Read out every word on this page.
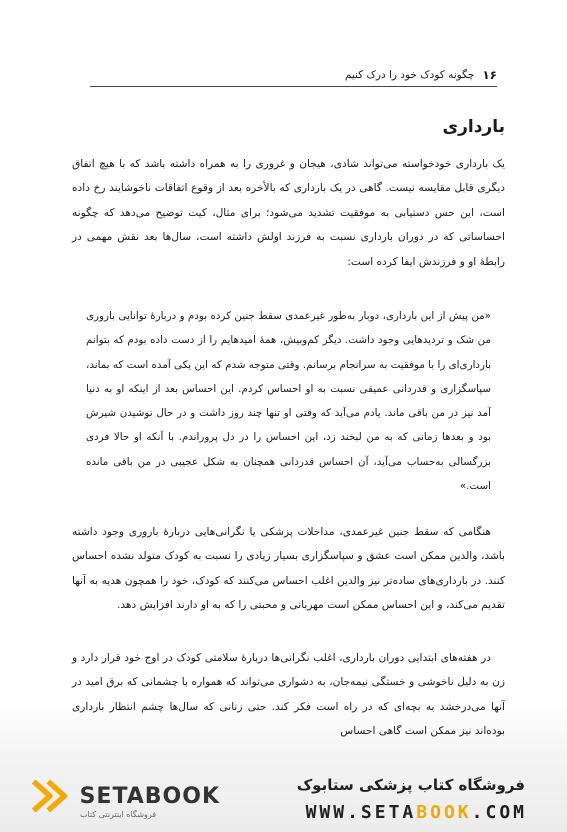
۱۶
چگونه کودک خود را درک کنیم
بارداری

یک بارداری خودخواسته می‌تواند شادی، هیجان و غروری را به همراه داشته باشد که با هیچ اتفاق دیگری قابل مقایسه نیست. گاهی در یک بارداری که بالأخره بعد از وقوع اتفاقات ناخوشایند رخ داده است، این حس دستیابی به موفقیت تشدید می‌شود؛ برای مثال، کیت توضیح می‌دهد که چگونه احساساتی که در دوران بارداری نسبت به فرزند اولش داشته است، سال‌ها بعد نقش مهمی در رابطهٔ او و فرزندش ایفا کرده است:

«من پیش از این بارداری، دوبار به‌طور غیرعمدی سقط جنین کرده بودم و دربارهٔ توانایی باروری من شک و تردیدهایی وجود داشت. دیگر کم‌وبیش، همهٔ امیدهایم را از دست داده بودم که بتوانم بارداری‌ای را با موفقیت به سرانجام برسانم. وقتی متوجه شدم که این یکی آمده است که بماند، سپاسگزاری و قدردانی عمیقی نسبت به او احساس کردم. این احساس بعد از اینکه او به دنیا آمد نیز در من باقی ماند. یادم می‌آید که وقتی او تنها چند روز داشت و در حال نوشیدن شیرش بود و بعدها زمانی که به من لبخند زد، این احساس را در دل پروراندم. با آنکه او حالا فردی بزرگسالی به‌حساب می‌آید، آن احساس قدردانی همچنان به شکل عجیبی در من باقی مانده است.»

هنگامی که سقط جنین غیرعمدی، مداخلات پزشکی یا نگرانی‌هایی دربارهٔ باروری وجود داشته باشد، والدین ممکن است عشق و سپاسگزاری بسیار زیادی را نسبت به کودک متولد نشده احساس کنند. در بارداری‌های ساده‌تر نیز والدین اغلب احساس می‌کنند که کودک، خود را همچون هدیه به آنها تقدیم می‌کند، و این احساس ممکن است مهربانی و محبتی را که به او دارند افزایش دهد.

در هفته‌های ابتدایی دوران بارداری، اغلب نگرانی‌ها دربارهٔ سلامتی کودک در اوج خود قرار دارد و زن به دلیل ناخوشی و خستگی نیمه‌جان، به دشواری می‌تواند که همواره با چشمانی که برق امید در آنها می‌درخشد به بچه‌ای که در راه است فکر کند. حتی زنانی که سال‌ها چشم انتظار بارداری بوده‌اند نیز ممکن است گاهی احساس

SETABOOK
فروشگاه اینترنتی کتاب
فروشگاه کتاب پزشکی ستابوک
WWW.SETABOOK.COM
